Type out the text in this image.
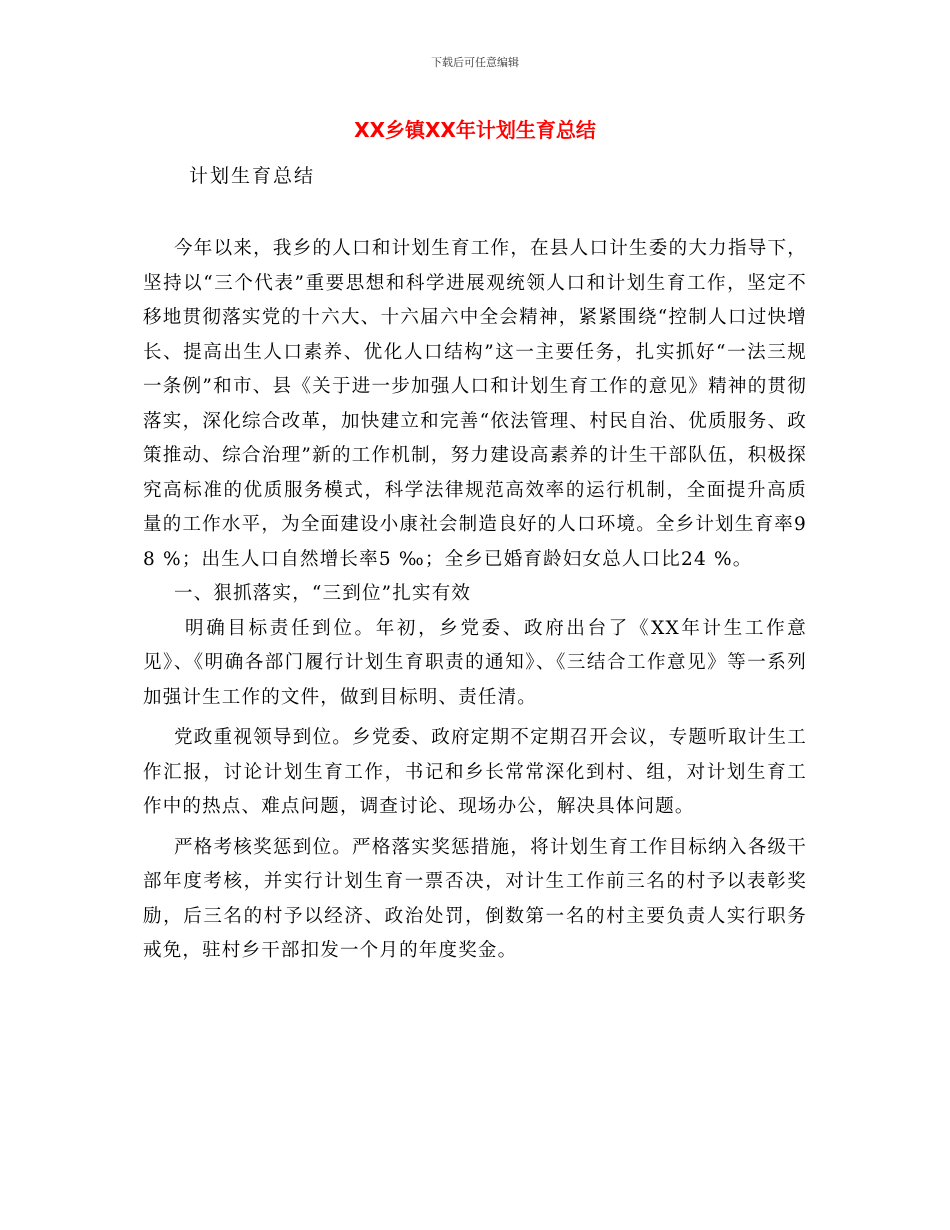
下载后可任意编辑
XX乡镇XX年计划生育总结
计划生育总结

今年以来，我乡的人口和计划生育工作，在县人口计生委的大力指导下，坚持以“三个代表”重要思想和科学进展观统领人口和计划生育工作，坚定不移地贯彻落实党的十六大、十六届六中全会精神，紧紧围绕“控制人口过快增长、提高出生人口素养、优化人口结构”这一主要任务，扎实抓好“一法三规一条例”和市、县《关于进一步加强人口和计划生育工作的意见》精神的贯彻落实，深化综合改革，加快建立和完善“依法管理、村民自治、优质服务、政策推动、综合治理”新的工作机制，努力建设高素养的计生干部队伍，积极探究高标准的优质服务模式，科学法律规范高效率的运行机制，全面提升高质量的工作水平，为全面建设小康社会制造良好的人口环境。全乡计划生育率98 %；出生人口自然增长率5 ‰；全乡已婚育龄妇女总人口比24 %。

一、狠抓落实，“三到位”扎实有效

明确目标责任到位。年初，乡党委、政府出台了《XX年计生工作意见》、《明确各部门履行计划生育职责的通知》、《三结合工作意见》等一系列加强计生工作的文件，做到目标明、责任清。

党政重视领导到位。乡党委、政府定期不定期召开会议，专题听取计生工作汇报，讨论计划生育工作，书记和乡长常常深化到村、组，对计划生育工作中的热点、难点问题，调查讨论、现场办公，解决具体问题。

严格考核奖惩到位。严格落实奖惩措施，将计划生育工作目标纳入各级干部年度考核，并实行计划生育一票否决，对计生工作前三名的村予以表彰奖励，后三名的村予以经济、政治处罚，倒数第一名的村主要负责人实行职务戒免，驻村乡干部扣发一个月的年度奖金。
